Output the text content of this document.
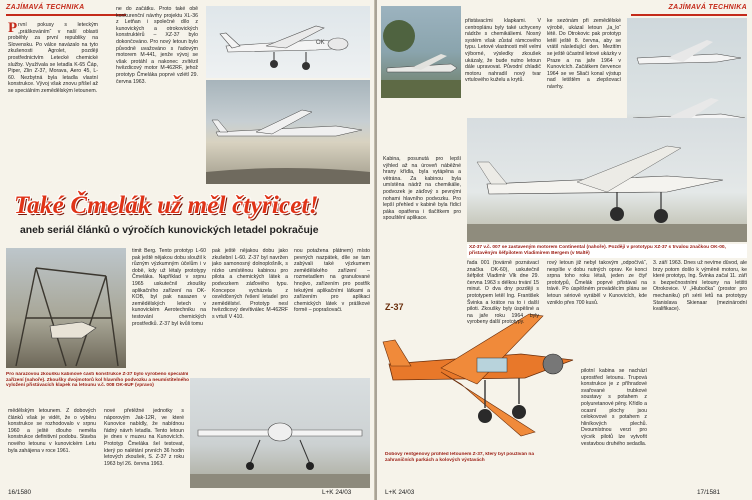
ZAJÍMAVÁ TECHNIKA
P rvní pokusy s leteckým „práškováním“ v naší oblasti proběhly za první republiky na Slovensku. Po válce navázalo na tyto zkušenosti Agrolet, později prostřednictvím Letecké chemické služby. Využívala se letadla K-65 Čáp, Piper, Zlin Z-37, Morava, Aero 45, L-60. Nezbytná byla letadla vlastní konstrukce. Vývoj však znovu přišel až se speciálním zemědělským letounem.
ne do začátku. Proto také obě konkurenční návrhy projektu XL-36 z Letňan i společné dílo z kunovických a otrokovických konstruktérů – XZ-37 bylo dokončováno. Pro nový letoun bylo původně uvažováno s řadovým motorem M-441, jenže vývoj se však protáhl a nakonec zvítězil hvězdicový motor M-462RF, jehož prototyp Čmeláka poprvé vzlétl 29. června 1963.
OK
timit Berg. Tento prototyp L-60 pak ještě nějakou dobu sloužil k různým výzkumným účelům i v době, kdy už létaly prototypy Čmeláka. Například v srpnu 1965 uskutečnil zkoušky aplikačního zařízení na OK-KOB, byl pak nasazen v zemědělských letech v kunovickém Aerotechniku na testování chemických prostředků. Z-37 byl kvůli tomu
pak ještě nějakou dobu jako zkušební L-60. Z-37 byl navržen jako samonosný dolnoplošník, s nízko umístěnou kabinou pro pilota a chemických látek a podvozkem záďového typu. Koncepce vycházela z osvědčených řešení letadel pro zemědělství. Prototyp nesl hvězdicový devítiválec M-462RF s vrtulí V 410.
nou potažena plátnem) místo pevných nazpátek, díle se tam zabývali také výzkumem zemědělského zařízení – rozmetadlem na granulované hnojivo, zařízením pro postřik tekutými aplikačními látkami a zařízením pro aplikaci chemických látek v práškové formě – poprašovači.
Pro nárazovou zkoušku kabinové části konstrukce Z-37 bylo vyrobeno speciální zařízení (nahoře). Zkoušky dvojmotorů kol hlavního podvozku a neumístitelného vyložení přistávacích klapek na letounu v.č. 008 OK-6UF (vpravo)
mědělským letounem. Z dobových článků však je vidět, že o výběru konstrukce se rozhodovalo v srpnu 1960 a ještě dlouho neměla konstrukce definitivní podobu. Stavba nového letounu v kunovickém Letu byla zahájena v roce 1961.
nové přetěžné jednotky s náporovým Jak-12R, ve které Kunovice nabídly, že nabídnou řádný návrh letadla. Tento letoun je dnes v muzeu na Kunovicích. Prototyp Čmeláka šel testovat, který po nalétání prvních 36 hodin letových zkoušek, S. Z-37 z roku 1963 byl 26. června 1963.
16/1580	L+K 24/03
ZAJÍMAVÁ TECHNIKA
přistávacími klapkami. V centroplánu byly také uchyceny nádrže s chemikáliemi. Nosný systém však zůstal rámcového typu. Letové vlastnosti měl velmi výborné, výsledky zkoušek ukázaly, že bude nutno letoun dále upravovat. Původní chladič motoru nahradil nový tvar vrtulového kuželu a krytů.
ke sezónám při zemědělské výrobě, ukázal letoun „la_lo“ létě. Do Otrokovic pak prototyp letěl ještě 8. června, aby se vrátil následující den. Mezitím se ještě účastnil letové ukázky v Praze a na jaře 1964 v Kunovicích. Začátkem července 1964 se ve Sliači konal výstup nad letištěm a zlepšovací návrhy.
XZ-37 v.č. 007 se zastaveným motorem Continental (nahoře). Pozdějí v prototypu XZ-37 s trvalou značkou OK-00, přistavěným šéfpilotem Vladimírem Bergem (v Maltě)
Kabina, posunutá pro lepší výhled až na úroveň náběžné hrany křídla, byla vytápěna a větrána. Za kabinou byla umístěna nádrž na chemikálie, podvozek je záďový s pevnými nohami hlavního podvozku. Pro lepší přehled v kabině byla řídicí páka opatřena i tlačítkem pro spouštění aplikace.
Z-37
řada 001 (továrně poznávací značka OK-60), uskutečnil šéfpilot Vladimír Vlk dne 29. června 1963 s délkou trvání 15 minut. O dva dny později s prototypem letěl Ing. František Švinka a krátce na to i další piloti. Zkoušky byly úspěšné a na jaře roku 1964 byly vyrobeny další prototypy.
rový letoun již nebyl takovým „odpočívá“, nespíše v dobu nutných oprav. Ke konci srpna toho roku létali, jeden ze čtyř prototypů, Čmelák poprvé přistával na trávě. Po úspěšném prováděcím plánu se letoun sériově vyráběl v Kunovicích, kde vzniklo přes 700 kusů.
3. září 1963. Dnes už nevíme důvod, ale brzy potom došlo k výměně motoru, ke které prototyp, Ing. Švinka začal 11. září s bezpečnostními letouny na letišti Otrokovice. V „Hlubočka“ (prostor pro mechaniku) při sérii letů na prototypy Stanislava Skienaar (mezinárodní kvalifikace).
pilotní kabina se nachází uprostřed letounu. Trupová konstrukce je z příhradové svařované trubkové soustavy s potahem z polyuretanové pěny. Křídlo a ocasní plochy jsou celokovové s potahem z hliníkových plechů. Dvoumístnou verzi pro výcvik pilotů lze vytvořit vestavbou druhého sedadla.
Dobový rentgenový průhled letounem Z-37, který byl používán na zahraničních parkách a kolových výstavách
L+K 24/03	17/1581
Také Čmelák už měl čtyřicet!
aneb seriál článků o výročích kunovických letadel pokračuje
